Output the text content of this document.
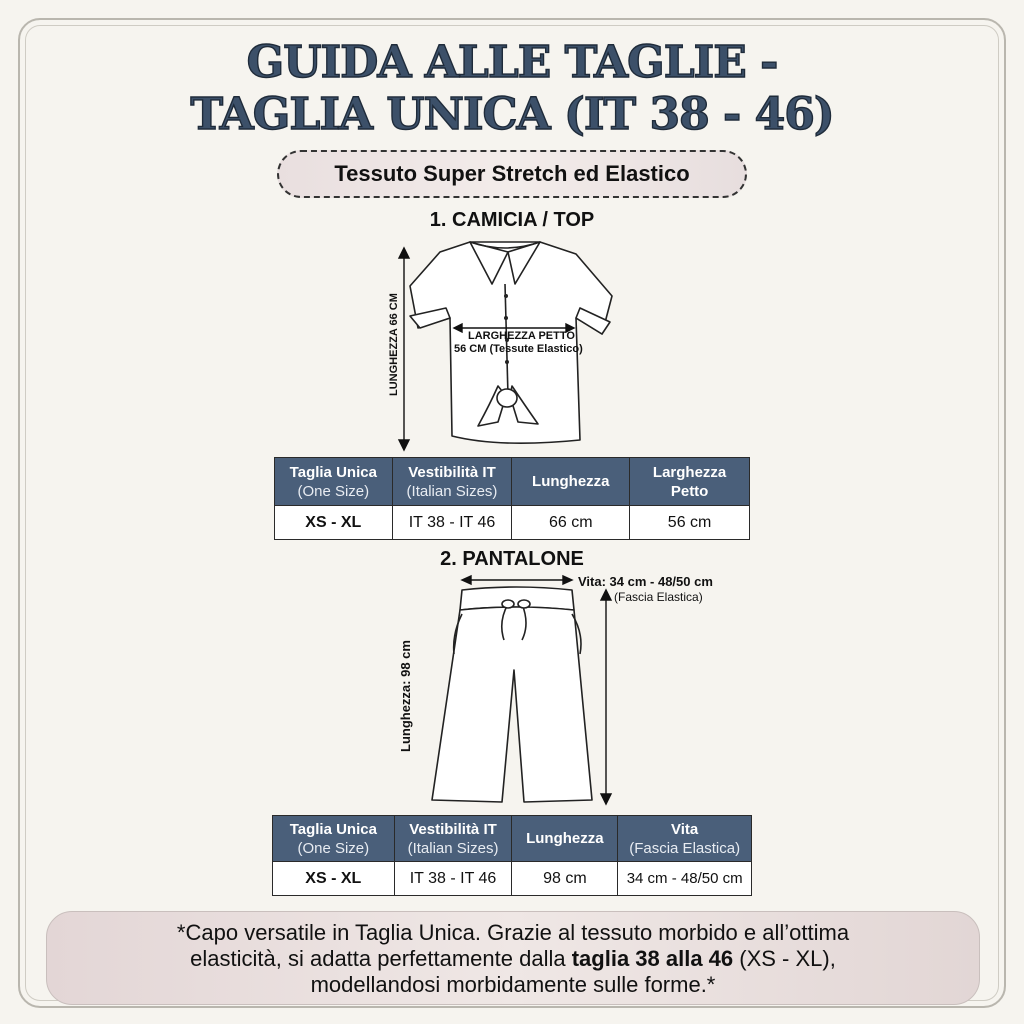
GUIDA ALLE TAGLIE -
TAGLIA UNICA (IT 38 - 46)
Tessuto Super Stretch ed Elastico
1. CAMICIA / TOP
LUNGHEZZA 66 CM	LARGHEZZA PETTO
56 CM (Tessute Elastico)
Taglia Unica
(One Size)	Vestibilità IT
(Italian Sizes)	Lunghezza	Larghezza
Petto
XS - XL	IT 38 - IT 46	66 cm	56 cm
2. PANTALONE
Vita: 34 cm - 48/50 cm
(Fascia Elastica)
Lunghezza: 98 cm
Taglia Unica
(One Size)	Vestibilità IT
(Italian Sizes)	Lunghezza	Vita
(Fascia Elastica)

XS - XL	IT 38 - IT 46	98 cm	34 cm - 48/50 cm
*Capo versatile in Taglia Unica. Grazie al tessuto morbido e all’ottima
elasticità, si adatta perfettamente dalla taglia 38 alla 46 (XS - XL),
modellandosi morbidamente sulle forme.*
